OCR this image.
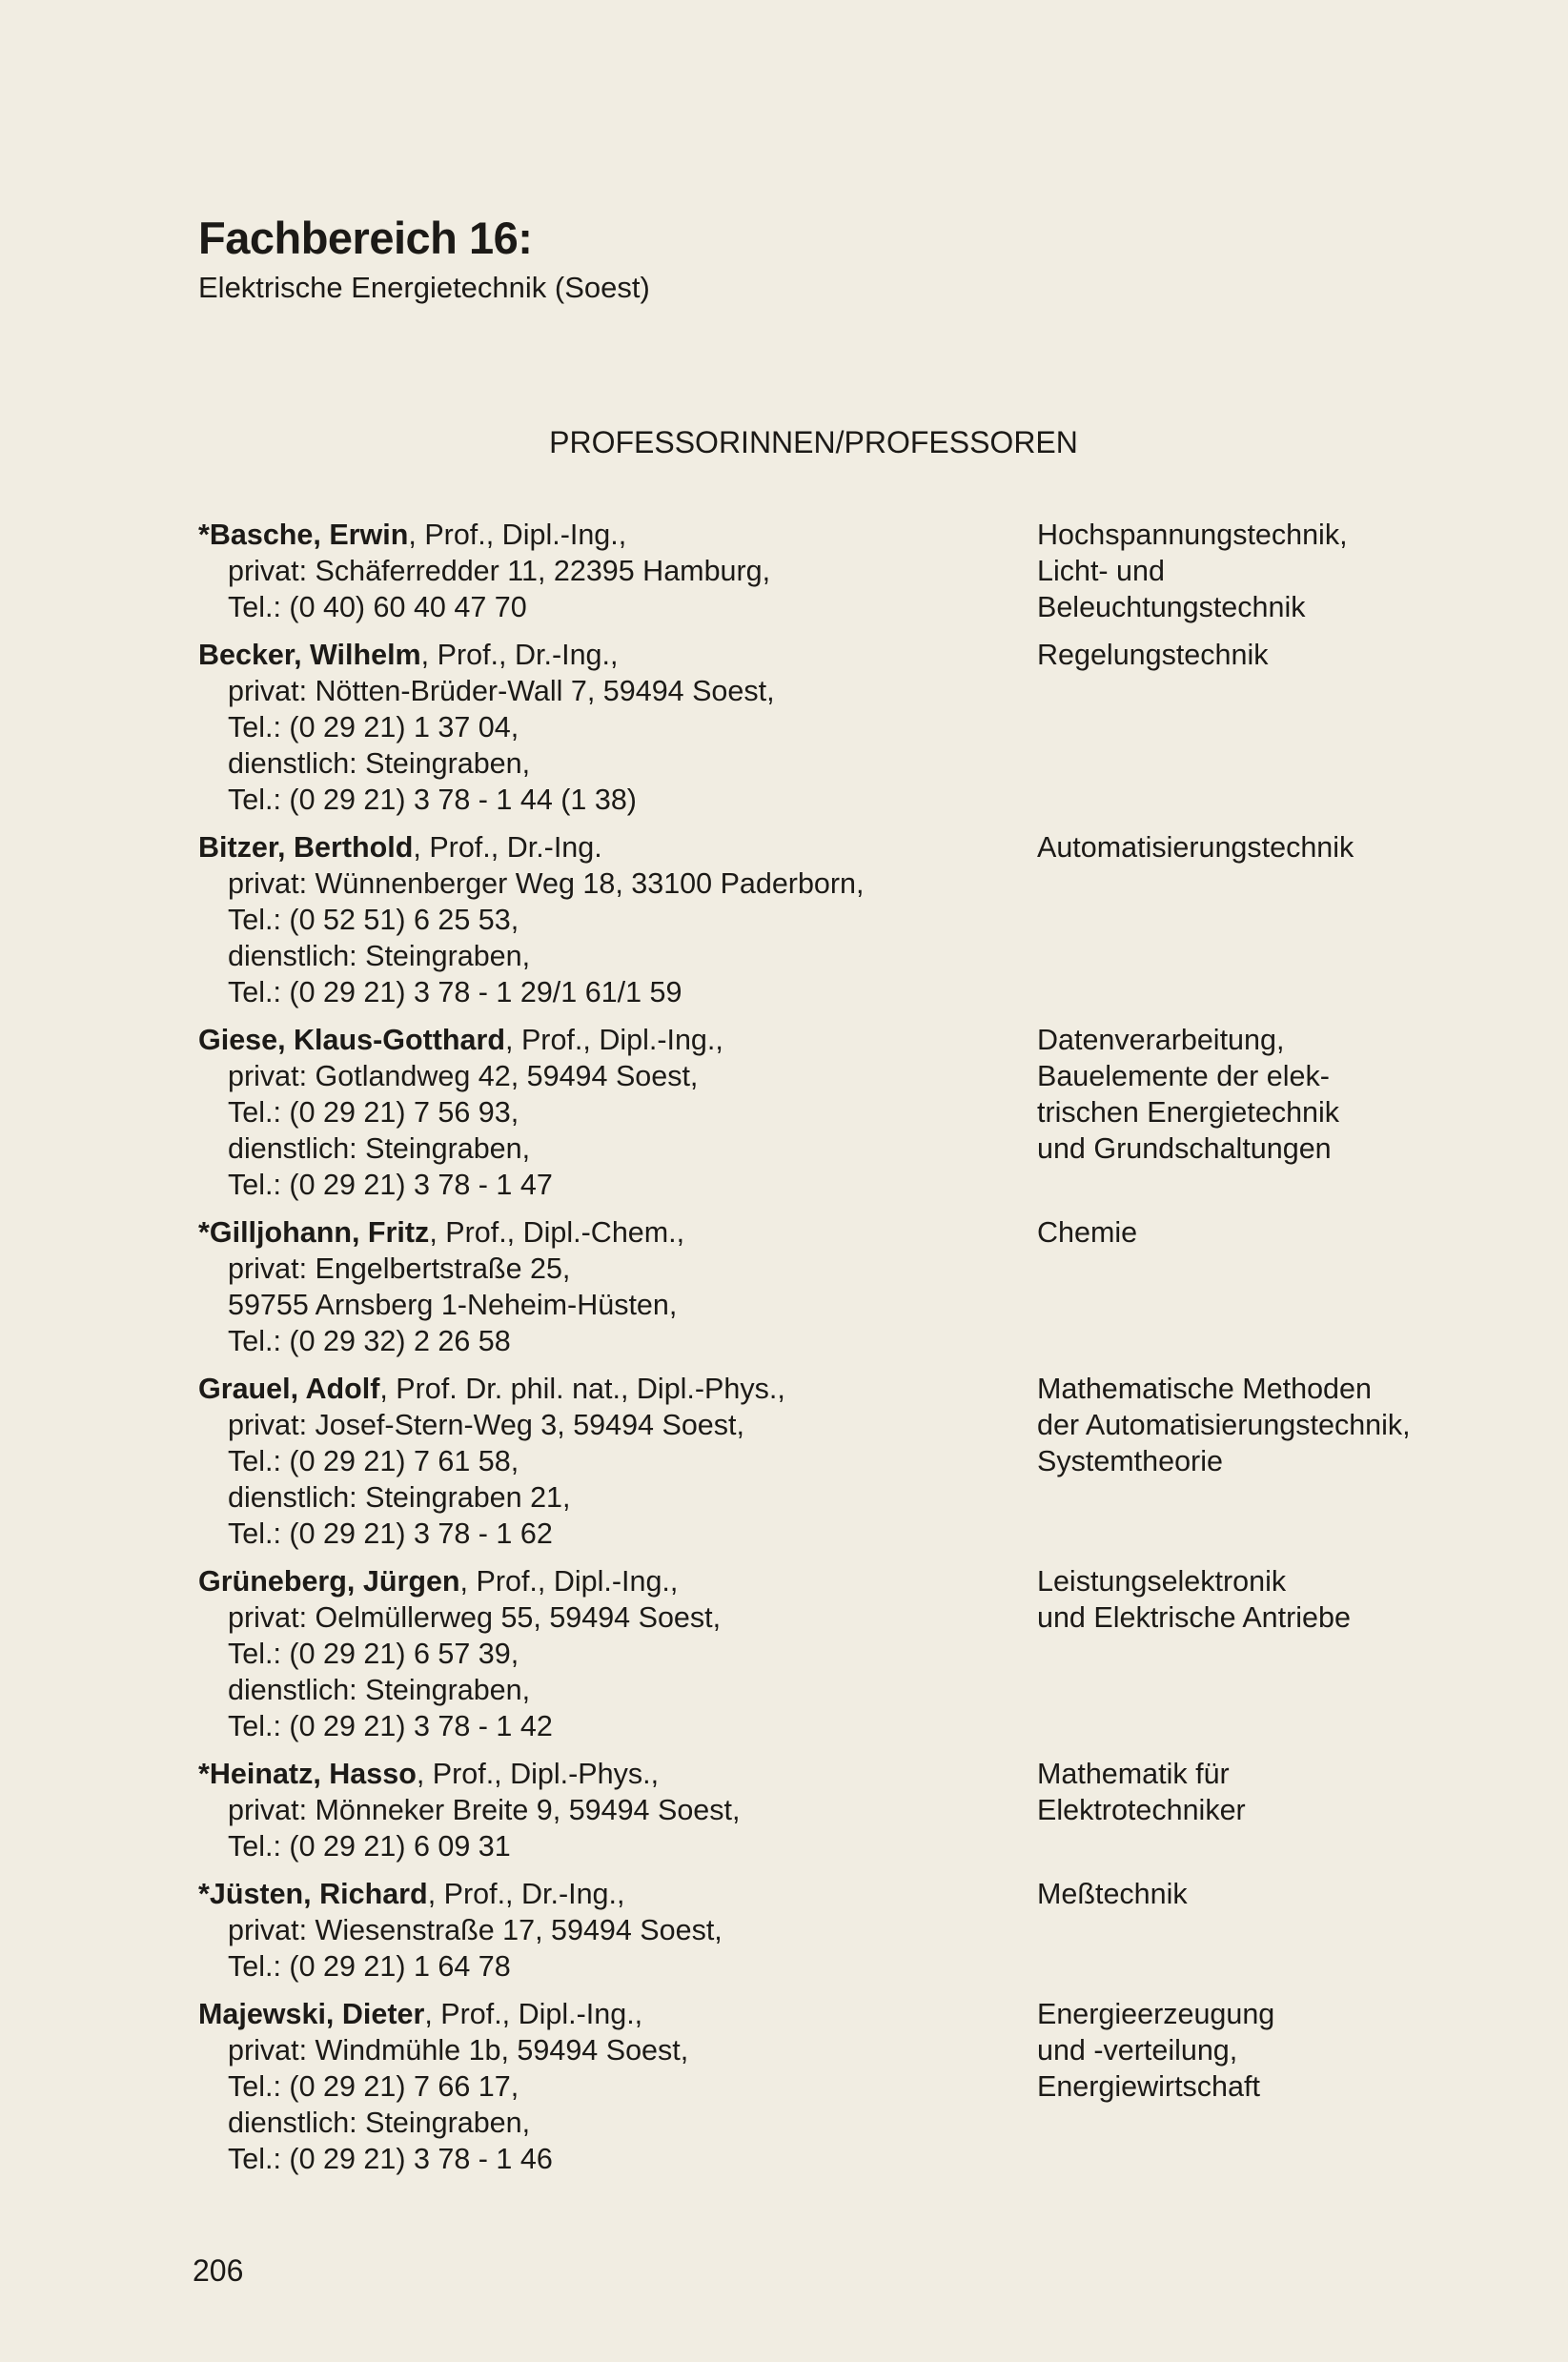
Fachbereich 16:
Elektrische Energietechnik (Soest)
PROFESSORINNEN/PROFESSOREN
*Basche, Erwin, Prof., Dipl.-Ing.,
privat: Schäferredder 11, 22395 Hamburg,
Tel.: (0 40) 60 40 47 70
Hochspannungstechnik,
Licht- und
Beleuchtungstechnik
Becker, Wilhelm, Prof., Dr.-Ing.,
privat: Nötten-Brüder-Wall 7, 59494 Soest,
Tel.: (0 29 21) 1 37 04,
dienstlich: Steingraben,
Tel.: (0 29 21) 3 78 - 1 44 (1 38)
Regelungstechnik
Bitzer, Berthold, Prof., Dr.-Ing.
privat: Wünnenberger Weg 18, 33100 Paderborn,
Tel.: (0 52 51) 6 25 53,
dienstlich: Steingraben,
Tel.: (0 29 21) 3 78 - 1 29/1 61/1 59
Automatisierungstechnik
Giese, Klaus-Gotthard, Prof., Dipl.-Ing.,
privat: Gotlandweg 42, 59494 Soest,
Tel.: (0 29 21) 7 56 93,
dienstlich: Steingraben,
Tel.: (0 29 21) 3 78 - 1 47
Datenverarbeitung,
Bauelemente der elek-
trischen Energietechnik
und Grundschaltungen
*Gilljohann, Fritz, Prof., Dipl.-Chem.,
privat: Engelbertstraße 25,
59755 Arnsberg 1-Neheim-Hüsten,
Tel.: (0 29 32) 2 26 58
Chemie
Grauel, Adolf, Prof. Dr. phil. nat., Dipl.-Phys.,
privat: Josef-Stern-Weg 3, 59494 Soest,
Tel.: (0 29 21) 7 61 58,
dienstlich: Steingraben 21,
Tel.: (0 29 21) 3 78 - 1 62
Mathematische Methoden
der Automatisierungstechnik,
Systemtheorie
Grüneberg, Jürgen, Prof., Dipl.-Ing.,
privat: Oelmüllerweg 55, 59494 Soest,
Tel.: (0 29 21) 6 57 39,
dienstlich: Steingraben,
Tel.: (0 29 21) 3 78 - 1 42
Leistungselektronik
und Elektrische Antriebe
*Heinatz, Hasso, Prof., Dipl.-Phys.,
privat: Mönneker Breite 9, 59494 Soest,
Tel.: (0 29 21) 6 09 31
Mathematik für
Elektrotechniker
*Jüsten, Richard, Prof., Dr.-Ing.,
privat: Wiesenstraße 17, 59494 Soest,
Tel.: (0 29 21) 1 64 78
Meßtechnik
Majewski, Dieter, Prof., Dipl.-Ing.,
privat: Windmühle 1b, 59494 Soest,
Tel.: (0 29 21) 7 66 17,
dienstlich: Steingraben,
Tel.: (0 29 21) 3 78 - 1 46
Energieerzeugung
und -verteilung,
Energiewirtschaft
206
